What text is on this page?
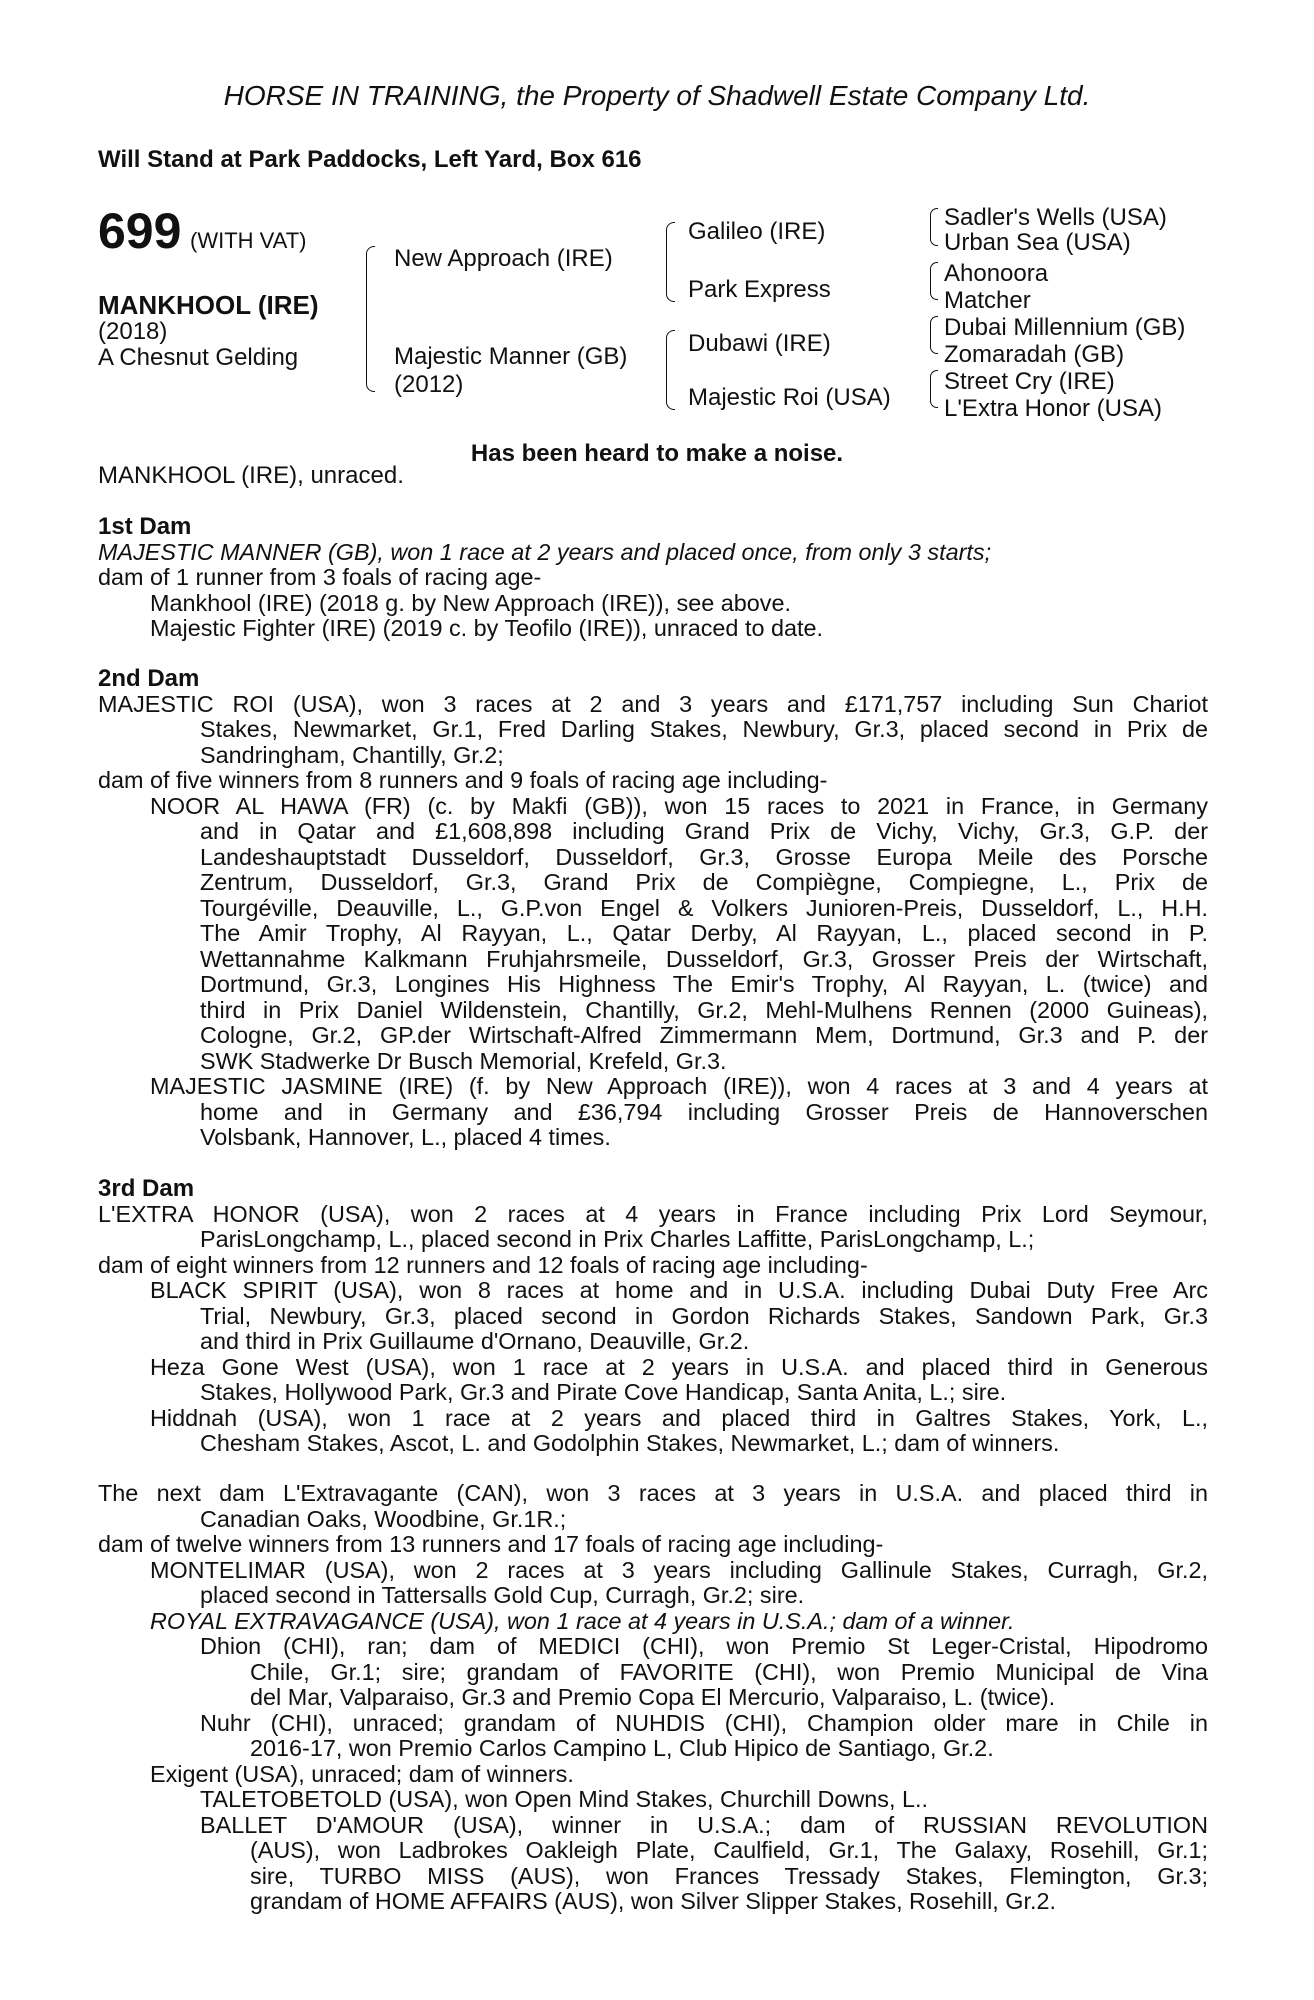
HORSE IN TRAINING, the Property of Shadwell Estate Company Ltd.
Will Stand at Park Paddocks, Left Yard, Box 616
699 (WITH VAT)
MANKHOOL (IRE)
(2018)
A Chesnut Gelding
New Approach (IRE)
Majestic Manner (GB)
(2012)
Galileo (IRE)
Park Express
Dubawi (IRE)
Majestic Roi (USA)
Sadler's Wells (USA)
Urban Sea (USA)
Ahonoora
Matcher
Dubai Millennium (GB)
Zomaradah (GB)
Street Cry (IRE)
L'Extra Honor (USA)
Has been heard to make a noise.
MANKHOOL (IRE), unraced.
1st Dam
MAJESTIC MANNER (GB), won 1 race at 2 years and placed once, from only 3 starts;
dam of 1 runner from 3 foals of racing age-
Mankhool (IRE) (2018 g. by New Approach (IRE)), see above.
Majestic Fighter (IRE) (2019 c. by Teofilo (IRE)), unraced to date.
2nd Dam
MAJESTIC ROI (USA), won 3 races at 2 and 3 years and £171,757 including Sun Chariot
Stakes, Newmarket, Gr.1, Fred Darling Stakes, Newbury, Gr.3, placed second in Prix de
Sandringham, Chantilly, Gr.2;
dam of five winners from 8 runners and 9 foals of racing age including-
NOOR AL HAWA (FR) (c. by Makfi (GB)), won 15 races to 2021 in France, in Germany
and in Qatar and £1,608,898 including Grand Prix de Vichy, Vichy, Gr.3, G.P. der
Landeshauptstadt Dusseldorf, Dusseldorf, Gr.3, Grosse Europa Meile des Porsche
Zentrum, Dusseldorf, Gr.3, Grand Prix de Compiègne, Compiegne, L., Prix de
Tourgéville, Deauville, L., G.P.von Engel & Volkers Junioren-Preis, Dusseldorf, L., H.H.
The Amir Trophy, Al Rayyan, L., Qatar Derby, Al Rayyan, L., placed second in P.
Wettannahme Kalkmann Fruhjahrsmeile, Dusseldorf, Gr.3, Grosser Preis der Wirtschaft,
Dortmund, Gr.3, Longines His Highness The Emir's Trophy, Al Rayyan, L. (twice) and
third in Prix Daniel Wildenstein, Chantilly, Gr.2, Mehl-Mulhens Rennen (2000 Guineas),
Cologne, Gr.2, GP.der Wirtschaft-Alfred Zimmermann Mem, Dortmund, Gr.3 and P. der
SWK Stadwerke Dr Busch Memorial, Krefeld, Gr.3.
MAJESTIC JASMINE (IRE) (f. by New Approach (IRE)), won 4 races at 3 and 4 years at
home and in Germany and £36,794 including Grosser Preis de Hannoverschen
Volsbank, Hannover, L., placed 4 times.
3rd Dam
L'EXTRA HONOR (USA), won 2 races at 4 years in France including Prix Lord Seymour,
ParisLongchamp, L., placed second in Prix Charles Laffitte, ParisLongchamp, L.;
dam of eight winners from 12 runners and 12 foals of racing age including-
BLACK SPIRIT (USA), won 8 races at home and in U.S.A. including Dubai Duty Free Arc
Trial, Newbury, Gr.3, placed second in Gordon Richards Stakes, Sandown Park, Gr.3
and third in Prix Guillaume d'Ornano, Deauville, Gr.2.
Heza Gone West (USA), won 1 race at 2 years in U.S.A. and placed third in Generous
Stakes, Hollywood Park, Gr.3 and Pirate Cove Handicap, Santa Anita, L.; sire.
Hiddnah (USA), won 1 race at 2 years and placed third in Galtres Stakes, York, L.,
Chesham Stakes, Ascot, L. and Godolphin Stakes, Newmarket, L.; dam of winners.
The next dam L'Extravagante (CAN), won 3 races at 3 years in U.S.A. and placed third in
Canadian Oaks, Woodbine, Gr.1R.;
dam of twelve winners from 13 runners and 17 foals of racing age including-
MONTELIMAR (USA), won 2 races at 3 years including Gallinule Stakes, Curragh, Gr.2,
placed second in Tattersalls Gold Cup, Curragh, Gr.2; sire.
ROYAL EXTRAVAGANCE (USA), won 1 race at 4 years in U.S.A.; dam of a winner.
Dhion (CHI), ran; dam of MEDICI (CHI), won Premio St Leger-Cristal, Hipodromo
Chile, Gr.1; sire; grandam of FAVORITE (CHI), won Premio Municipal de Vina
del Mar, Valparaiso, Gr.3 and Premio Copa El Mercurio, Valparaiso, L. (twice).
Nuhr (CHI), unraced; grandam of NUHDIS (CHI), Champion older mare in Chile in
2016-17, won Premio Carlos Campino L, Club Hipico de Santiago, Gr.2.
Exigent (USA), unraced; dam of winners.
TALETOBETOLD (USA), won Open Mind Stakes, Churchill Downs, L..
BALLET D'AMOUR (USA), winner in U.S.A.; dam of RUSSIAN REVOLUTION
(AUS), won Ladbrokes Oakleigh Plate, Caulfield, Gr.1, The Galaxy, Rosehill, Gr.1;
sire, TURBO MISS (AUS), won Frances Tressady Stakes, Flemington, Gr.3;
grandam of HOME AFFAIRS (AUS), won Silver Slipper Stakes, Rosehill, Gr.2.
